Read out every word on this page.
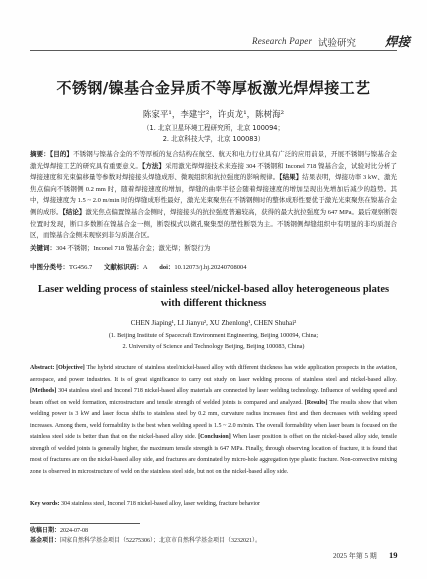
Research Paper 试验研究 焊接
不锈钢/镍基合金异质不等厚板激光焊焊接工艺
陈家平¹，李建宇²，许贞龙¹，陈树海²
（1. 北京卫星环境工程研究所，北京 100094；
2. 北京科技大学，北京 100083）

摘要：【目的】不锈钢与镍基合金的不等厚板的复合结构在航空、航天和电力行业具有广泛的应用前景，开展不锈钢与镍基合金激光焊焊接工艺的研究具有重要意义。【方法】采用激光焊焊接技术来连接 304 不锈钢和 Inconel 718 镍基合金，试验对比分析了焊接速度和光束偏移量等参数对焊接接头焊缝成形、微观组织和抗拉强度的影响规律。【结果】结果表明，焊接功率 3 kW、激光焦点偏向不锈钢侧 0.2 mm 时，随着焊接速度的增加，焊缝的曲率半径会随着焊接速度的增加呈现出先增加后减少的趋势。其中，焊接速度为 1.5 ~ 2.0 m/min 时的焊缝成形性最好，激光光束聚焦在不锈钢侧时的整体成形性要优于激光光束聚焦在镍基合金侧的成形。【结论】激光焦点偏置镍基合金侧时，焊接接头的抗拉强度普遍较高，获得的最大抗拉强度为 647 MPa。最后观察断裂位置时发现，断口多数断在镍基合金一侧，断裂模式以微孔聚集型的塑性断裂为主。不锈钢侧焊缝组织中有明显的非均质混合区，而镍基合金侧未观察到非匀质混合区。

关键词：304 不锈钢；Inconel 718 镍基合金；激光焊；断裂行为

中图分类号：TG456.7 文献标识码：A doi：10.12073/j.hj.20240708004
Laser welding process of stainless steel/nickel-based alloy heterogeneous plates with different thickness
CHEN Jiaping¹, LI Jianyu², XU Zhenlong¹, CHEN Shuhai²
(1. Beijing Institute of Spacecraft Environment Engineering, Beijing 100094, China;
2. University of Science and Technology Beijing, Beijing 100083, China)

Abstract: [Objective] The hybrid structure of stainless steel/nickel-based alloy with different thickness has wide application prospects in the aviation, aerospace, and power industries. It is of great significance to carry out study on laser welding process of stainless steel and nickel-based alloy. [Methods] 304 stainless steel and Inconel 718 nickel-based alloy materials are connected by laser welding technology. Influence of welding speed and beam offset on weld formation, microstructure and tensile strength of welded joints is compared and analyzed. [Results] The results show that when welding power is 3 kW and laser focus shifts to stainless steel by 0.2 mm, curvature radius increases first and then decreases with welding speed increases. Among them, weld formability is the best when welding speed is 1.5 ~ 2.0 m/min. The overall formability when laser beam is focused on the stainless steel side is better than that on the nickel-based alloy side. [Conclusion] When laser position is offset on the nickel-based alloy side, tensile strength of welded joints is generally higher, the maximum tensile strength is 647 MPa. Finally, through observing location of fracture, it is found that most of fractures are on the nickel-based alloy side, and fractures are dominated by micro-hole aggregation type plastic fracture. Non-convective mixing zone is observed in microstructure of weld on the stainless steel side, but not on the nickel-based alloy side.

Key words: 304 stainless steel, Inconel 718 nickel-based alloy, laser welding, fracture behavior

收稿日期：2024-07-08
基金项目：国家自然科学基金项目（52275306）；北京市自然科学基金项目（3232021）。
2025 年第 5 期 19
